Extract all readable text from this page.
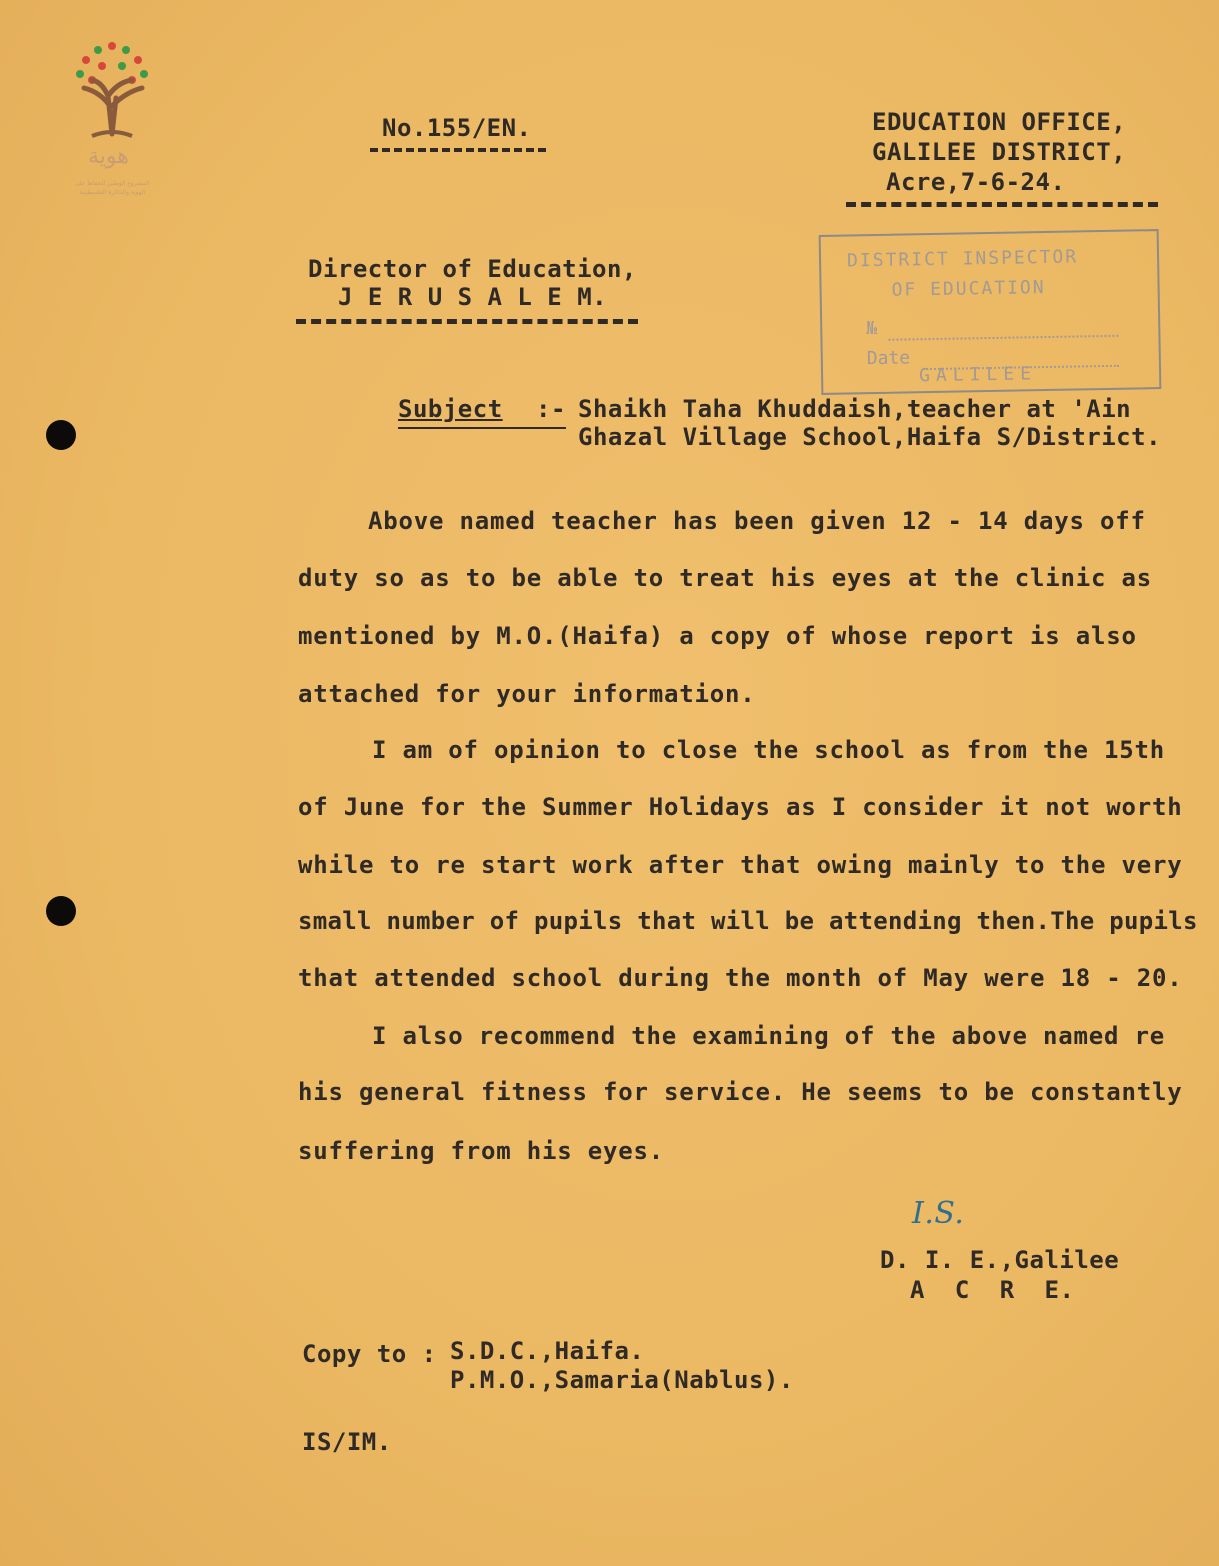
هوية
المشروع الوطني للحفاظ على
الهوية والذاكرة الفلسطينية
No.155/EN.	EDUCATION OFFICE,
GALILEE DISTRICT,
Acre,7-6-24.
Director of Education,
J E R U S A L E M.
DISTRICT INSPECTOR
OF EDUCATION
№

Date

GALILEE
Subject :- Shaikh Taha Khuddaish,teacher at 'Ain
Ghazal Village School,Haifa S/District.
Above named teacher has been given 12 - 14 days off
duty so as to be able to treat his eyes at the clinic as
mentioned by M.O.(Haifa) a copy of whose report is also
attached for your information.
I am of opinion to close the school as from the 15th
of June for the Summer Holidays as I consider it not worth
while to re start work after that owing mainly to the very
small number of pupils that will be attending then.The pupils
that attended school during the month of May were 18 - 20.
I also recommend the examining of the above named re
his general fitness for service. He seems to be constantly
suffering from his eyes.
I.S.
D. I. E.,Galilee
A  C  R  E.
Copy to : S.D.C.,Haifa.
P.M.O.,Samaria(Nablus).
IS/IM.
